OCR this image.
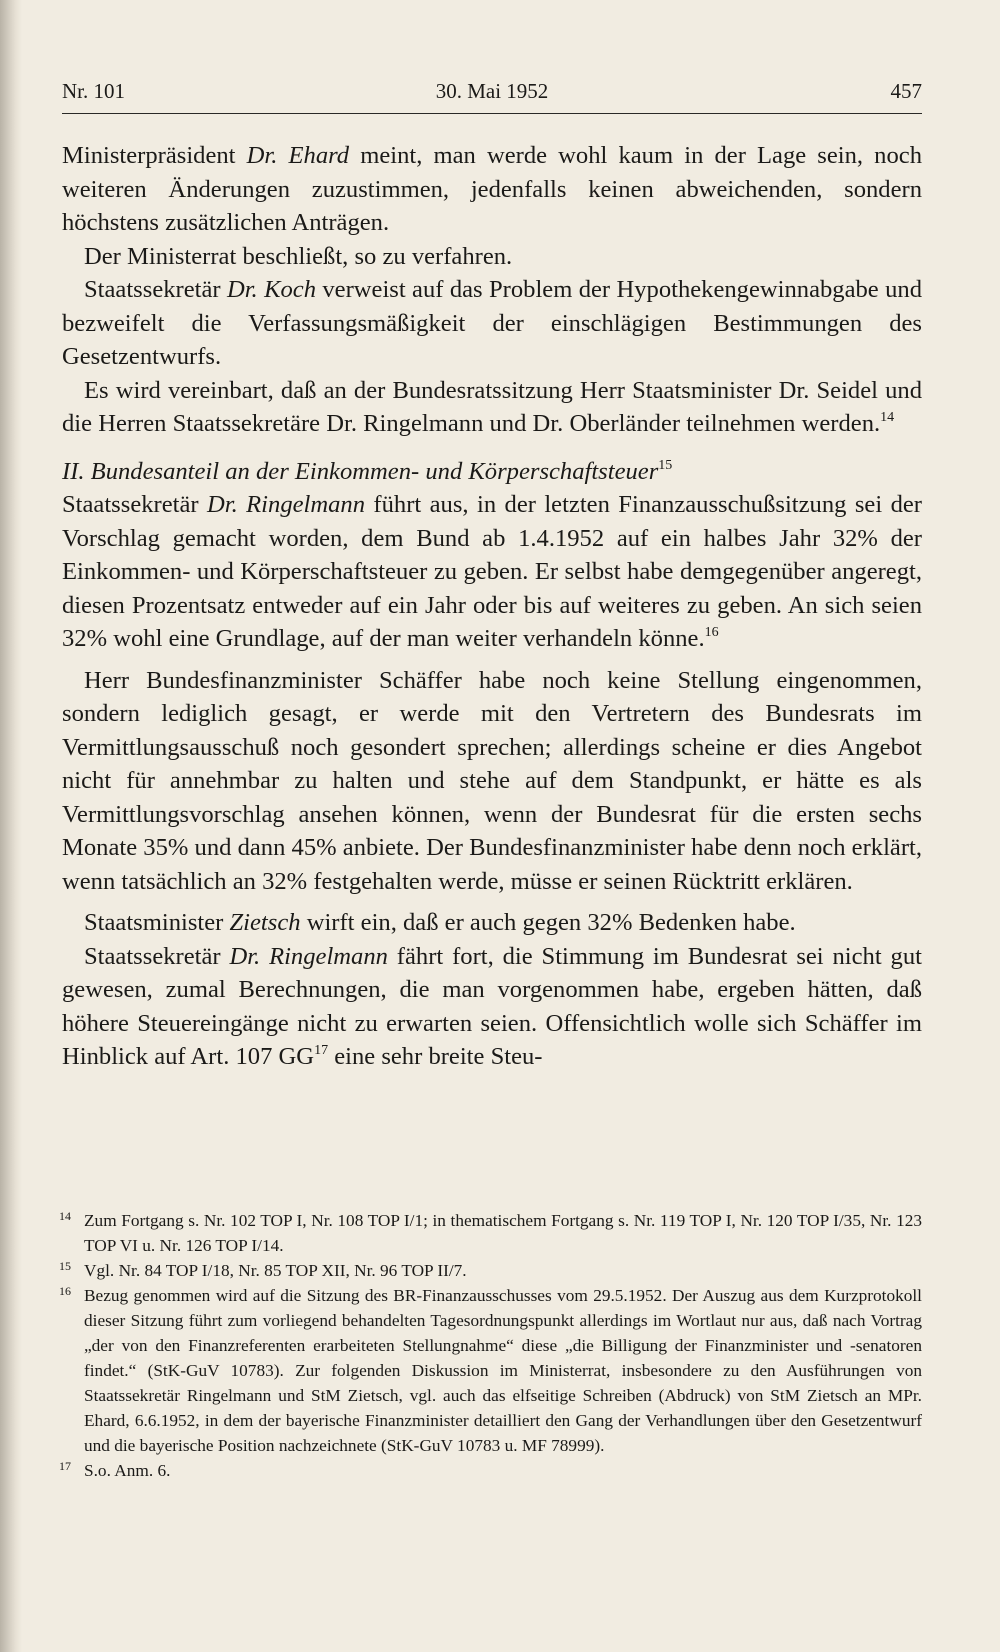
Nr. 101	30. Mai 1952	457

Ministerpräsident Dr. Ehard meint, man werde wohl kaum in der Lage sein, noch weiteren Änderungen zuzustimmen, jedenfalls keinen abweichenden, sondern höchstens zusätzlichen Anträgen.

Der Ministerrat beschließt, so zu verfahren.

Staatssekretär Dr. Koch verweist auf das Problem der Hypothekengewinnabgabe und bezweifelt die Verfassungsmäßigkeit der einschlägigen Bestimmungen des Gesetzentwurfs.

Es wird vereinbart, daß an der Bundesratssitzung Herr Staatsminister Dr. Seidel und die Herren Staatssekretäre Dr. Ringelmann und Dr. Oberländer teilnehmen werden.$^{14}$

II. Bundesanteil an der Einkommen- und Körperschaftsteuer$^{15}$

Staatssekretär Dr. Ringelmann führt aus, in der letzten Finanzausschußsitzung sei der Vorschlag gemacht worden, dem Bund ab 1.4.1952 auf ein halbes Jahr 32% der Einkommen- und Körperschaftsteuer zu geben. Er selbst habe demgegenüber angeregt, diesen Prozentsatz entweder auf ein Jahr oder bis auf weiteres zu geben. An sich seien 32% wohl eine Grundlage, auf der man weiter verhandeln könne.$^{16}$

Herr Bundesfinanzminister Schäffer habe noch keine Stellung eingenommen, sondern lediglich gesagt, er werde mit den Vertretern des Bundesrats im Vermittlungsausschuß noch gesondert sprechen; allerdings scheine er dies Angebot nicht für annehmbar zu halten und stehe auf dem Standpunkt, er hätte es als Vermittlungsvorschlag ansehen können, wenn der Bundesrat für die ersten sechs Monate 35% und dann 45% anbiete. Der Bundesfinanzminister habe denn noch erklärt, wenn tatsächlich an 32% festgehalten werde, müsse er seinen Rücktritt erklären.

Staatsminister Zietsch wirft ein, daß er auch gegen 32% Bedenken habe.

Staatssekretär Dr. Ringelmann fährt fort, die Stimmung im Bundesrat sei nicht gut gewesen, zumal Berechnungen, die man vorgenommen habe, ergeben hätten, daß höhere Steuereingänge nicht zu erwarten seien. Offensichtlich wolle sich Schäffer im Hinblick auf Art. 107 GG$^{17}$ eine sehr breite Steu-

14 Zum Fortgang s. Nr. 102 TOP I, Nr. 108 TOP I/1; in thematischem Fortgang s. Nr. 119 TOP I, Nr. 120 TOP I/35, Nr. 123 TOP VI u. Nr. 126 TOP I/14.

15 Vgl. Nr. 84 TOP I/18, Nr. 85 TOP XII, Nr. 96 TOP II/7.

16 Bezug genommen wird auf die Sitzung des BR-Finanzausschusses vom 29.5.1952. Der Auszug aus dem Kurzprotokoll dieser Sitzung führt zum vorliegend behandelten Tagesordnungspunkt allerdings im Wortlaut nur aus, daß nach Vortrag „der von den Finanzreferenten erarbeiteten Stellungnahme“ diese „die Billigung der Finanzminister und -senatoren findet.“ (StK-GuV 10783). Zur folgenden Diskussion im Ministerrat, insbesondere zu den Ausführungen von Staatssekretär Ringelmann und StM Zietsch, vgl. auch das elfseitige Schreiben (Abdruck) von StM Zietsch an MPr. Ehard, 6.6.1952, in dem der bayerische Finanzminister detailliert den Gang der Verhandlungen über den Gesetzentwurf und die bayerische Position nachzeichnete (StK-GuV 10783 u. MF 78999).

17 S.o. Anm. 6.
